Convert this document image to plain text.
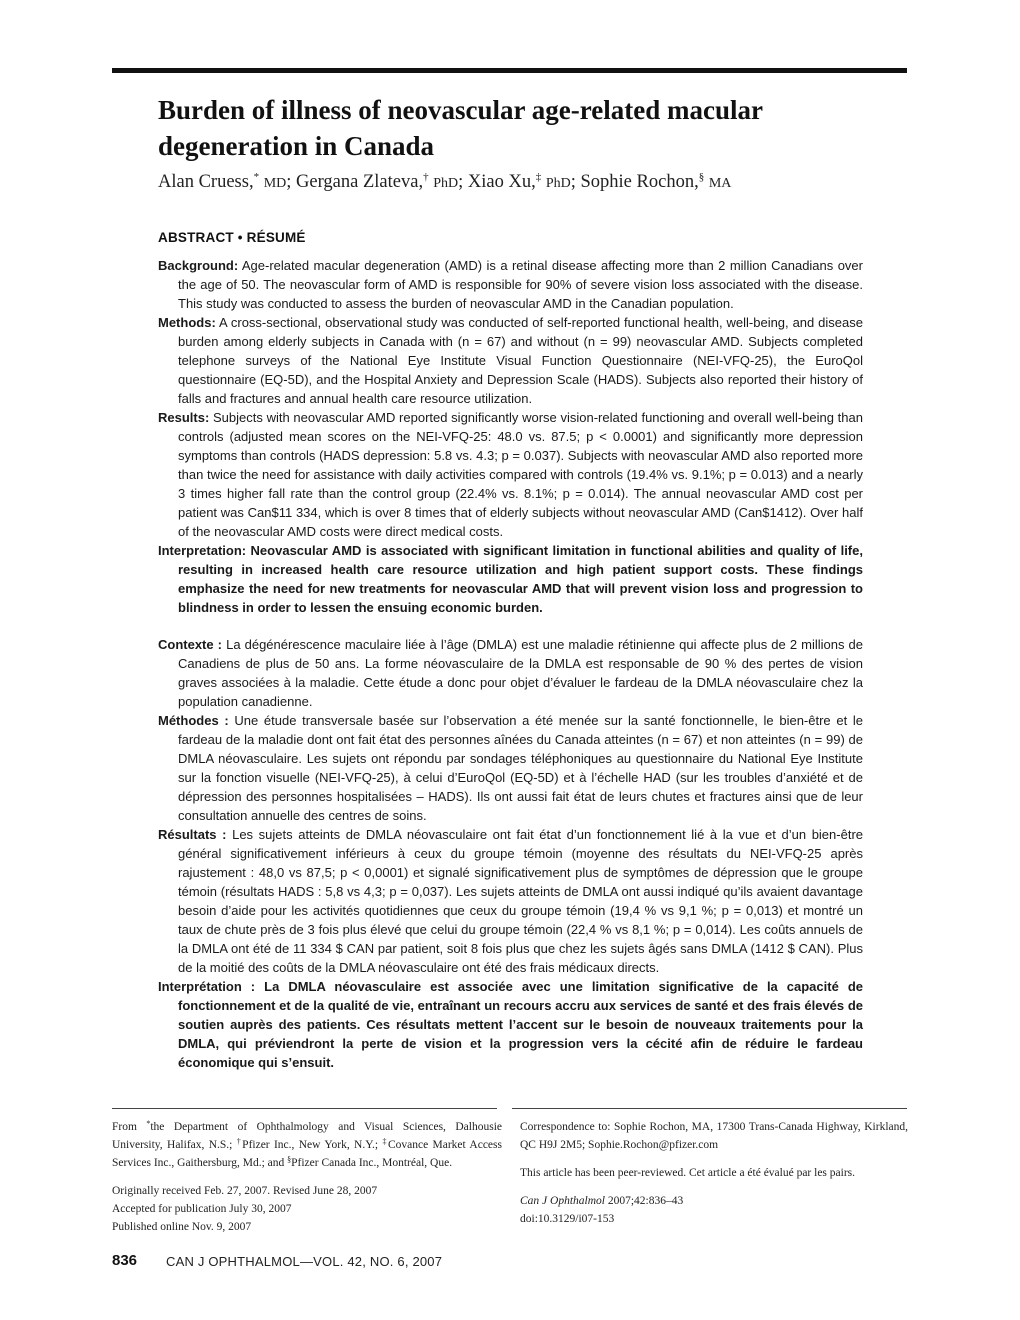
Burden of illness of neovascular age-related macular degeneration in Canada
Alan Cruess,* MD; Gergana Zlateva,† PhD; Xiao Xu,‡ PhD; Sophie Rochon,§ MA
ABSTRACT • RÉSUMÉ

Background: Age-related macular degeneration (AMD) is a retinal disease affecting more than 2 million Canadians over the age of 50. The neovascular form of AMD is responsible for 90% of severe vision loss associated with the disease. This study was conducted to assess the burden of neovascular AMD in the Canadian population.

Methods: A cross-sectional, observational study was conducted of self-reported functional health, well-being, and disease burden among elderly subjects in Canada with (n = 67) and without (n = 99) neovascular AMD. Subjects completed telephone surveys of the National Eye Institute Visual Function Questionnaire (NEI-VFQ-25), the EuroQol questionnaire (EQ-5D), and the Hospital Anxiety and Depression Scale (HADS). Subjects also reported their history of falls and fractures and annual health care resource utilization.

Results: Subjects with neovascular AMD reported significantly worse vision-related functioning and overall well-being than controls (adjusted mean scores on the NEI-VFQ-25: 48.0 vs. 87.5; p < 0.0001) and significantly more depression symptoms than controls (HADS depression: 5.8 vs. 4.3; p = 0.037). Subjects with neovascular AMD also reported more than twice the need for assistance with daily activities compared with controls (19.4% vs. 9.1%; p = 0.013) and a nearly 3 times higher fall rate than the control group (22.4% vs. 8.1%; p = 0.014). The annual neovascular AMD cost per patient was Can$11 334, which is over 8 times that of elderly subjects without neovascular AMD (Can$1412). Over half of the neovascular AMD costs were direct medical costs.

Interpretation: Neovascular AMD is associated with significant limitation in functional abilities and quality of life, resulting in increased health care resource utilization and high patient support costs. These findings emphasize the need for new treatments for neovascular AMD that will prevent vision loss and progression to blindness in order to lessen the ensuing economic burden.

Contexte : La dégénérescence maculaire liée à l’âge (DMLA) est une maladie rétinienne qui affecte plus de 2 millions de Canadiens de plus de 50 ans. La forme néovasculaire de la DMLA est responsable de 90 % des pertes de vision graves associées à la maladie. Cette étude a donc pour objet d’évaluer le fardeau de la DMLA néovasculaire chez la population canadienne.

Méthodes : Une étude transversale basée sur l’observation a été menée sur la santé fonctionnelle, le bien-être et le fardeau de la maladie dont ont fait état des personnes aînées du Canada atteintes (n = 67) et non atteintes (n = 99) de DMLA néovasculaire. Les sujets ont répondu par sondages téléphoniques au questionnaire du National Eye Institute sur la fonction visuelle (NEI-VFQ-25), à celui d’EuroQol (EQ-5D) et à l’échelle HAD (sur les troubles d’anxiété et de dépression des personnes hospitalisées – HADS). Ils ont aussi fait état de leurs chutes et fractures ainsi que de leur consultation annuelle des centres de soins.

Résultats : Les sujets atteints de DMLA néovasculaire ont fait état d’un fonctionnement lié à la vue et d’un bien-être général significativement inférieurs à ceux du groupe témoin (moyenne des résultats du NEI-VFQ-25 après rajustement : 48,0 vs 87,5; p < 0,0001) et signalé significativement plus de symptômes de dépression que le groupe témoin (résultats HADS : 5,8 vs 4,3; p = 0,037). Les sujets atteints de DMLA ont aussi indiqué qu’ils avaient davantage besoin d’aide pour les activités quotidiennes que ceux du groupe témoin (19,4 % vs 9,1 %; p = 0,013) et montré un taux de chute près de 3 fois plus élevé que celui du groupe témoin (22,4 % vs 8,1 %; p = 0,014). Les coûts annuels de la DMLA ont été de 11 334 $ CAN par patient, soit 8 fois plus que chez les sujets âgés sans DMLA (1412 $ CAN). Plus de la moitié des coûts de la DMLA néovasculaire ont été des frais médicaux directs.

Interprétation : La DMLA néovasculaire est associée avec une limitation significative de la capacité de fonctionnement et de la qualité de vie, entraînant un recours accru aux services de santé et des frais élevés de soutien auprès des patients. Ces résultats mettent l’accent sur le besoin de nouveaux traitements pour la DMLA, qui préviendront la perte de vision et la progression vers la cécité afin de réduire le fardeau économique qui s’ensuit.

From *the Department of Ophthalmology and Visual Sciences, Dalhousie University, Halifax, N.S.; †Pfizer Inc., New York, N.Y.; ‡Covance Market Access Services Inc., Gaithersburg, Md.; and §Pfizer Canada Inc., Montréal, Que.
Originally received Feb. 27, 2007. Revised June 28, 2007
Accepted for publication July 30, 2007
Published online Nov. 9, 2007
Correspondence to: Sophie Rochon, MA, 17300 Trans-Canada Highway, Kirkland, QC H9J 2M5; Sophie.Rochon@pfizer.com
This article has been peer-reviewed. Cet article a été évalué par les pairs.
Can J Ophthalmol 2007;42:836–43
doi:10.3129/i07-153
836 CAN J OPHTHALMOL—VOL. 42, NO. 6, 2007
